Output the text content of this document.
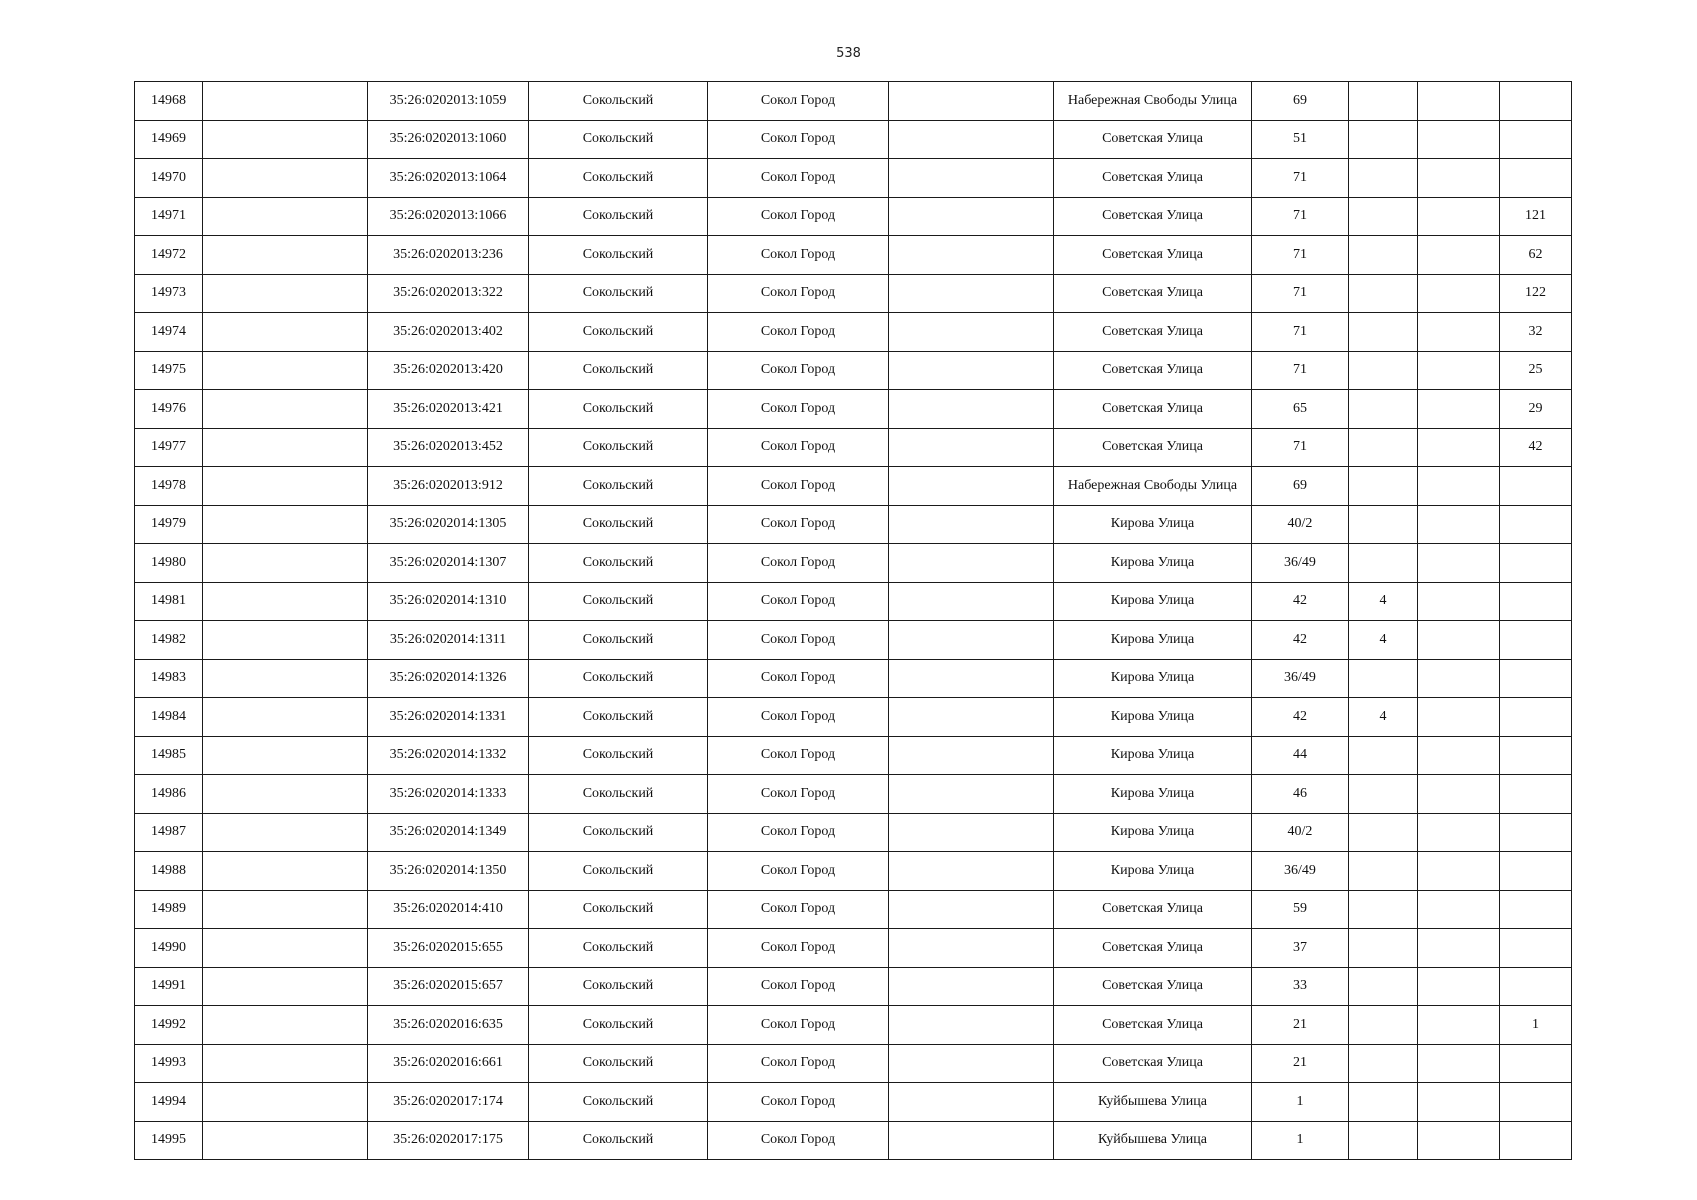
538
14968		35:26:0202013:1059	Сокольский	Сокол Город		Набережная Свободы Улица	69			
14969		35:26:0202013:1060	Сокольский	Сокол Город		Советская Улица	51			
14970		35:26:0202013:1064	Сокольский	Сокол Город		Советская Улица	71			
14971		35:26:0202013:1066	Сокольский	Сокол Город		Советская Улица	71			121
14972		35:26:0202013:236	Сокольский	Сокол Город		Советская Улица	71			62
14973		35:26:0202013:322	Сокольский	Сокол Город		Советская Улица	71			122
14974		35:26:0202013:402	Сокольский	Сокол Город		Советская Улица	71			32
14975		35:26:0202013:420	Сокольский	Сокол Город		Советская Улица	71			25
14976		35:26:0202013:421	Сокольский	Сокол Город		Советская Улица	65			29
14977		35:26:0202013:452	Сокольский	Сокол Город		Советская Улица	71			42
14978		35:26:0202013:912	Сокольский	Сокол Город		Набережная Свободы Улица	69			
14979		35:26:0202014:1305	Сокольский	Сокол Город		Кирова Улица	40/2			
14980		35:26:0202014:1307	Сокольский	Сокол Город		Кирова Улица	36/49			
14981		35:26:0202014:1310	Сокольский	Сокол Город		Кирова Улица	42	4		
14982		35:26:0202014:1311	Сокольский	Сокол Город		Кирова Улица	42	4		
14983		35:26:0202014:1326	Сокольский	Сокол Город		Кирова Улица	36/49			
14984		35:26:0202014:1331	Сокольский	Сокол Город		Кирова Улица	42	4		
14985		35:26:0202014:1332	Сокольский	Сокол Город		Кирова Улица	44			
14986		35:26:0202014:1333	Сокольский	Сокол Город		Кирова Улица	46			
14987		35:26:0202014:1349	Сокольский	Сокол Город		Кирова Улица	40/2			
14988		35:26:0202014:1350	Сокольский	Сокол Город		Кирова Улица	36/49			
14989		35:26:0202014:410	Сокольский	Сокол Город		Советская Улица	59			
14990		35:26:0202015:655	Сокольский	Сокол Город		Советская Улица	37			
14991		35:26:0202015:657	Сокольский	Сокол Город		Советская Улица	33			
14992		35:26:0202016:635	Сокольский	Сокол Город		Советская Улица	21			1
14993		35:26:0202016:661	Сокольский	Сокол Город		Советская Улица	21			
14994		35:26:0202017:174	Сокольский	Сокол Город		Куйбышева Улица	1			
14995		35:26:0202017:175	Сокольский	Сокол Город		Куйбышева Улица	1			
